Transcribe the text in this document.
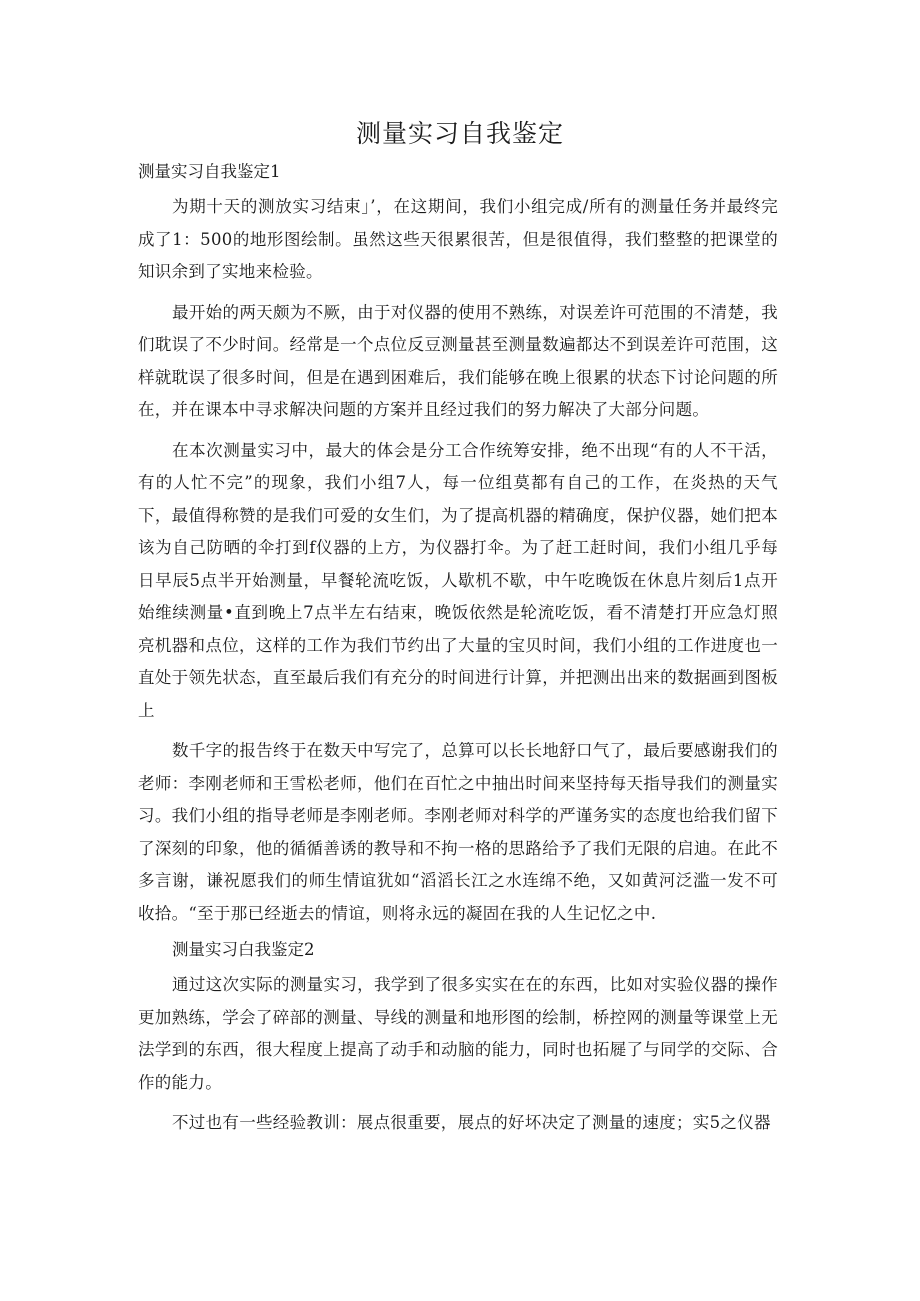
测量实习自我鉴定

测量实习自我鉴定1

为期十天的测放实习结束」’，在这期间，我们小组完成/所有的测量任务并最终完成了1：500的地形图绘制。虽然这些天很累很苦，但是很值得，我们整整的把课堂的知识余到了实地来检验。

最开始的两天颇为不厥，由于对仪器的使用不熟练，对误差许可范围的不清楚，我们耽误了不少时间。经常是一个点位反豆测量甚至测量数遍都达不到误差许可范围，这样就耽误了很多时间，但是在遇到困难后，我们能够在晚上很累的状态下讨论问题的所在，并在课本中寻求解决问题的方案并且经过我们的努力解决了大部分问题。

在本次测量实习中，最大的体会是分工合作统筹安排，绝不出现“有的人不干活，有的人忙不完”的现象，我们小组7人，每一位组莫都有自己的工作，在炎热的天气下，最值得称赞的是我们可爱的女生们，为了提高机器的精确度，保护仪器，她们把本该为自己防晒的伞打到f仪器的上方，为仪器打伞。为了赶工赶时间，我们小组几乎每日早辰5点半开始测量，早餐轮流吃饭，人歇机不歇，中午吃晚饭在休息片刻后1点开始维续测量•直到晚上7点半左右结束，晚饭依然是轮流吃饭，看不清楚打开应急灯照亮机器和点位，这样的工作为我们节约出了大量的宝贝时间，我们小组的工作进度也一直处于领先状态，直至最后我们有充分的时间进行计算，并把测出出来的数据画到图板上

数千字的报告终于在数天中写完了，总算可以长长地舒口气了，最后要感谢我们的老师：李刚老师和王雪松老师，他们在百忙之中抽出时间来坚持每天指导我们的测量实习。我们小组的指导老师是李刚老师。李刚老师对科学的严谨务实的态度也给我们留下了深刻的印象，他的循循善诱的教导和不拘一格的思路给予了我们无限的启迪。在此不多言谢，谦祝愿我们的师生情谊犹如“滔滔长江之水连绵不绝，又如黄河泛滥一发不可收拾。“至于那已经逝去的情谊，则将永远的凝固在我的人生记忆之中.

测量实习白我鉴定2

通过这次实际的测量实习，我学到了很多实实在在的东西，比如对实验仪器的操作更加熟练，学会了碎部的测量、导线的测量和地形图的绘制，桥控网的测量等课堂上无法学到的东西，很大程度上提高了动手和动脑的能力，同时也拓屣了与同学的交际、合作的能力。

不过也有一些经验教训：展点很重要，展点的好坏决定了测量的速度；实5之仪器
